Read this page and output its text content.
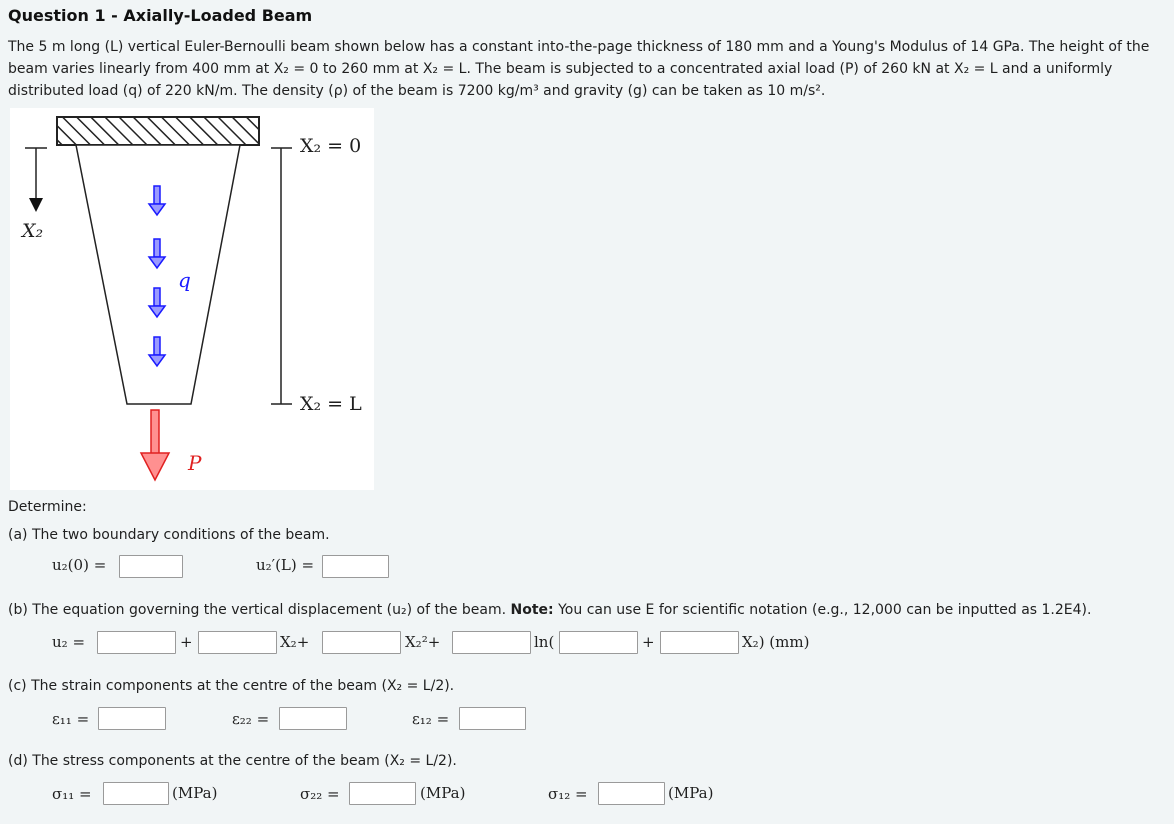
Question 1 - Axially-Loaded Beam
The 5 m long (L) vertical Euler-Bernoulli beam shown below has a constant into-the-page thickness of 180 mm and a Young's Modulus of 14 GPa. The height of the
beam varies linearly from 400 mm at X₂ = 0 to 260 mm at X₂ = L. The beam is subjected to a concentrated axial load (P) of 260 kN at X₂ = L and a uniformly
distributed load (q) of 220 kN/m. The density (ρ) of the beam is 7200 kg/m³ and gravity (g) can be taken as 10 m/s².
X₂ = 0
X₂ = L
X₂
q
P
Determine:
(a) The two boundary conditions of the beam.
u₂(0) =	u₂′(L) =
(b) The equation governing the vertical displacement (u₂) of the beam. Note: You can use E for scientific notation (e.g., 12,000 can be inputted as 1.2E4).
u₂ =	+	X₂+	X₂²+	ln(	+	X₂) (mm)
(c) The strain components at the centre of the beam (X₂ = L/2).
ε₁₁ =	ε₂₂ =	ε₁₂ =
(d) The stress components at the centre of the beam (X₂ = L/2).
σ₁₁ =	(MPa)	σ₂₂ =	(MPa)	σ₁₂ =	(MPa)
